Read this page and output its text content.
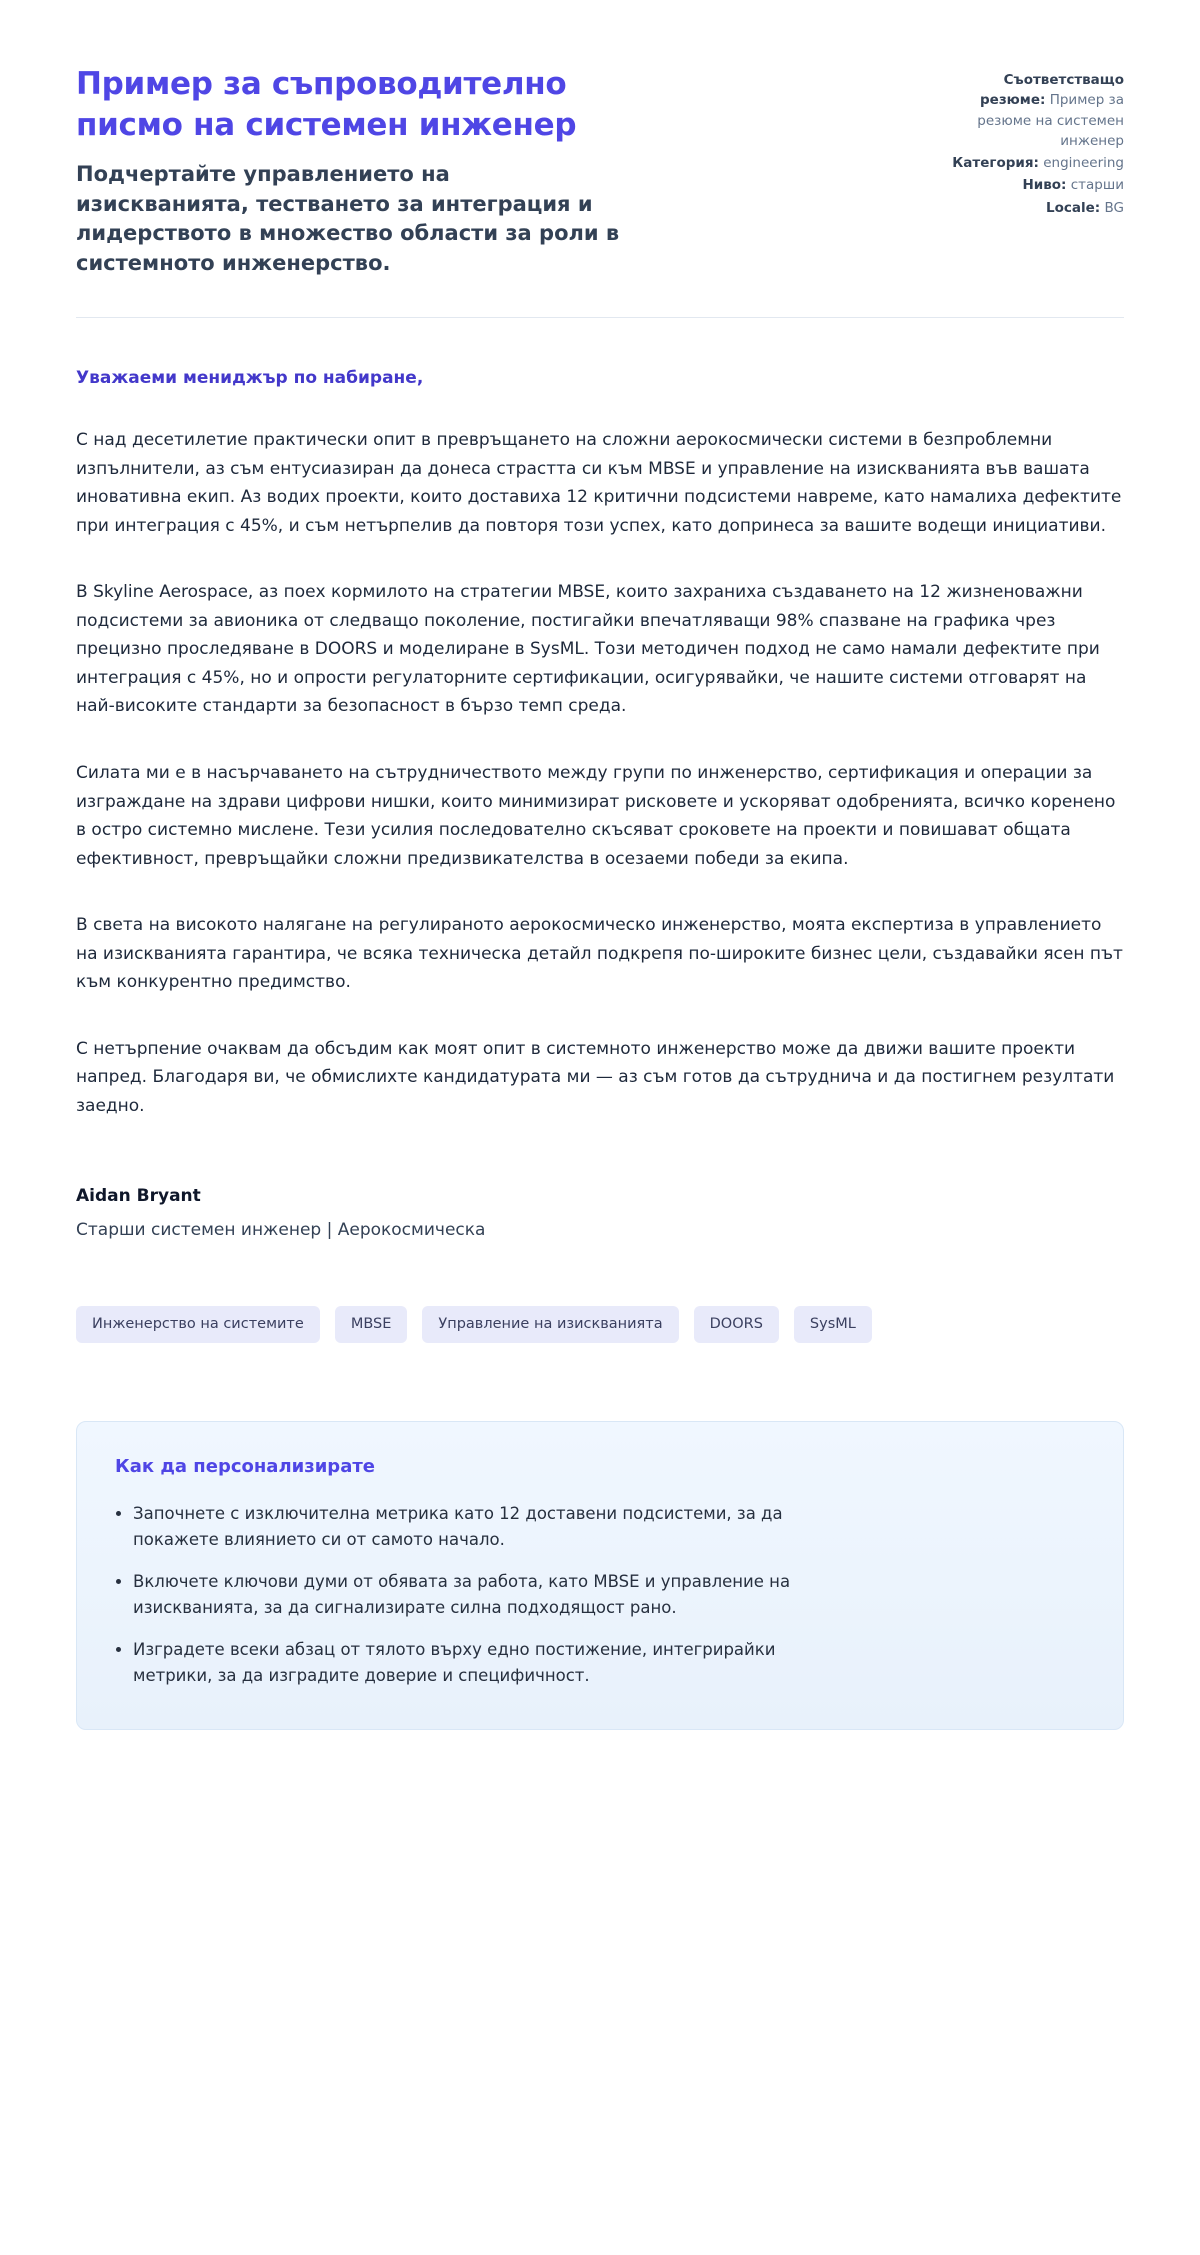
Пример за съпроводително писмо на системен инженер
Подчертайте управлението на изискванията, тестването за интеграция и лидерството в множество области за роли в системното инженерство.
Съответстващо резюме: Пример за резюме на системен инженер
Категория: engineering
Ниво: старши
Locale: BG

Уважаеми мениджър по набиране,

С над десетилетие практически опит в превръщането на сложни аерокосмически системи в безпроблемни изпълнители, аз съм ентусиазиран да донеса страстта си към MBSE и управление на изискванията във вашата иновативна екип. Аз водих проекти, които доставиха 12 критични подсистеми навреме, като намалиха дефектите при интеграция с 45%, и съм нетърпелив да повторя този успех, като допринеса за вашите водещи инициативи.

В Skyline Aerospace, аз поех кормилото на стратегии MBSE, които захраниха създаването на 12 жизненоважни подсистеми за авионика от следващо поколение, постигайки впечатляващи 98% спазване на графика чрез прецизно проследяване в DOORS и моделиране в SysML. Този методичен подход не само намали дефектите при интеграция с 45%, но и опрости регулаторните сертификации, осигурявайки, че нашите системи отговарят на най-високите стандарти за безопасност в бързо темп среда.

Силата ми е в насърчаването на сътрудничеството между групи по инженерство, сертификация и операции за изграждане на здрави цифрови нишки, които минимизират рисковете и ускоряват одобренията, всичко коренено в остро системно мислене. Тези усилия последователно скъсяват сроковете на проекти и повишават общата ефективност, превръщайки сложни предизвикателства в осезаеми победи за екипа.

В света на високото налягане на регулираното аерокосмическо инженерство, моята експертиза в управлението на изискванията гарантира, че всяка техническа детайл подкрепя по-широките бизнес цели, създавайки ясен път към конкурентно предимство.

С нетърпение очаквам да обсъдим как моят опит в системното инженерство може да движи вашите проекти напред. Благодаря ви, че обмислихте кандидатурата ми — аз съм готов да сътруднича и да постигнем резултати заедно.

Aidan Bryant

Старши системен инженер | Аерокосмическа

Инженерство на системите	MBSE	Управление на изискванията	DOORS	SysML
Как да персонализирате
• Започнете с изключителна метрика като 12 доставени подсистеми, за да покажете влиянието си от самото начало.
• Включете ключови думи от обявата за работа, като MBSE и управление на изискванията, за да сигнализирате силна подходящост рано.
• Изградете всеки абзац от тялото върху едно постижение, интегрирайки метрики, за да изградите доверие и специфичност.
